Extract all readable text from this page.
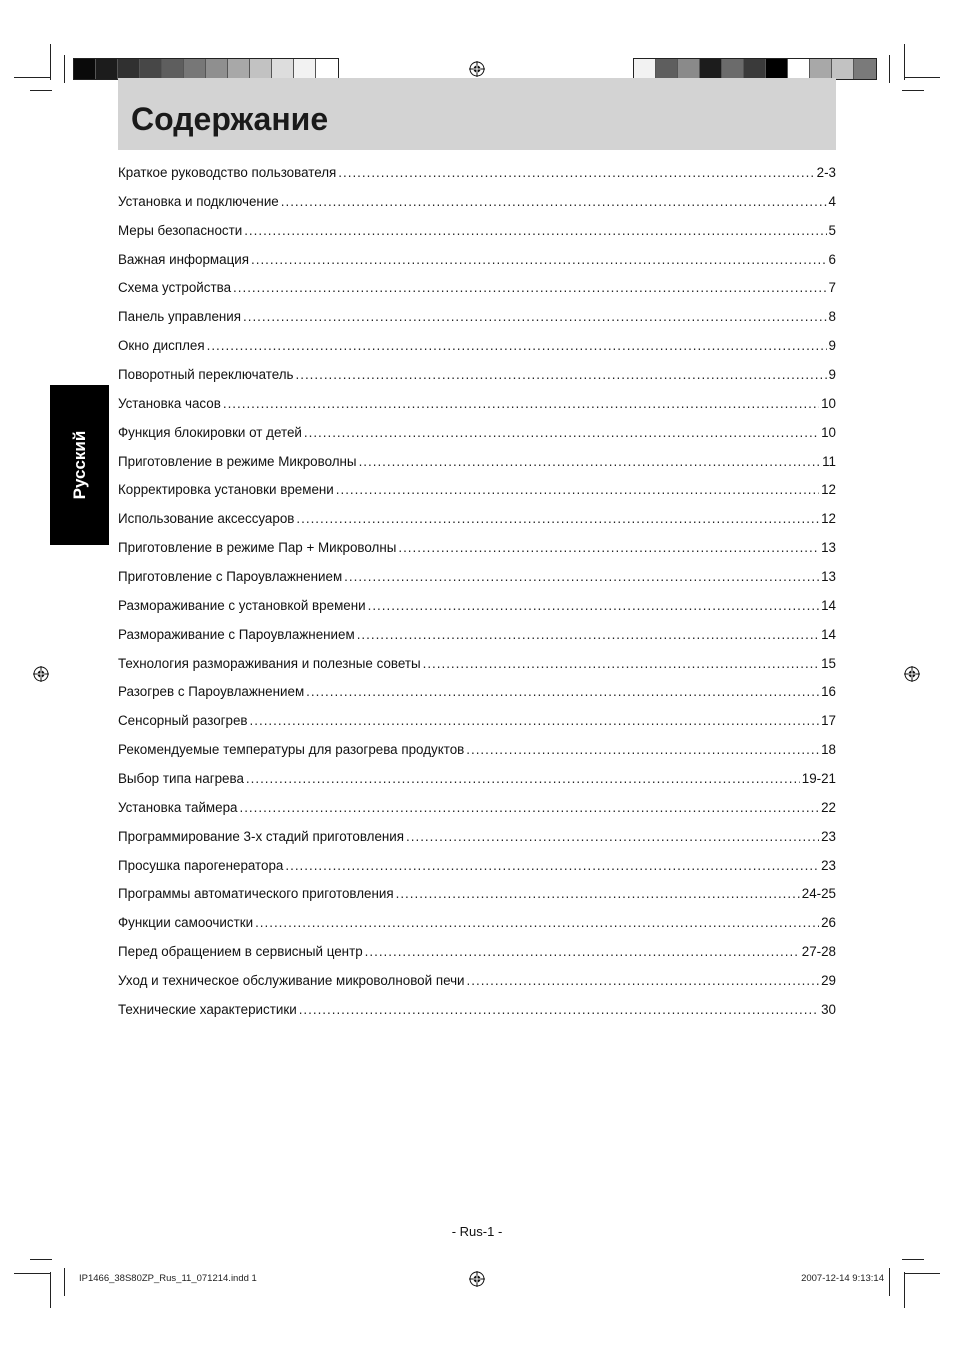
Содержание
Русский
Краткое руководство пользователя .....	2-3
Установка и подключение .....	4
Меры безопасности .....	5
Важная информация .....	6
Схема устройства .....	7
Панель управления .....	8
Окно дисплея .....	9
Поворотный переключатель .....	9
Установка часов .....	10
Функция блокировки от детей .....	10
Приготовление в режиме Микроволны .....	11
Корректировка установки времени .....	12
Использование аксессуаров .....	12
Приготовление в режиме Пар + Микроволны .....	13
Приготовление с Пароувлажнением .....	13
Размораживание с установкой времени .....	14
Размораживание с Пароувлажнением .....	14
Технология размораживания и полезные советы .....	15
Разогрев с Пароувлажнением .....	16
Сенсорный разогрев .....	17
Рекомендуемые температуры для разогрева продуктов .....	18
Выбор типа нагрева .....	19-21
Установка таймера .....	22
Программирование 3-х стадий приготовления .....	23
Просушка парогенератора .....	23
Программы автоматического приготовления .....	24-25
Функции самоочистки .....	26
Перед обращением в сервисный центр .....	27-28
Уход и техническое обслуживание микроволновой печи .....	29
Технические характеристики .....	30
- Rus-1 -
IP1466_38S80ZP_Rus_11_071214.indd 1	2007-12-14 9:13:14
